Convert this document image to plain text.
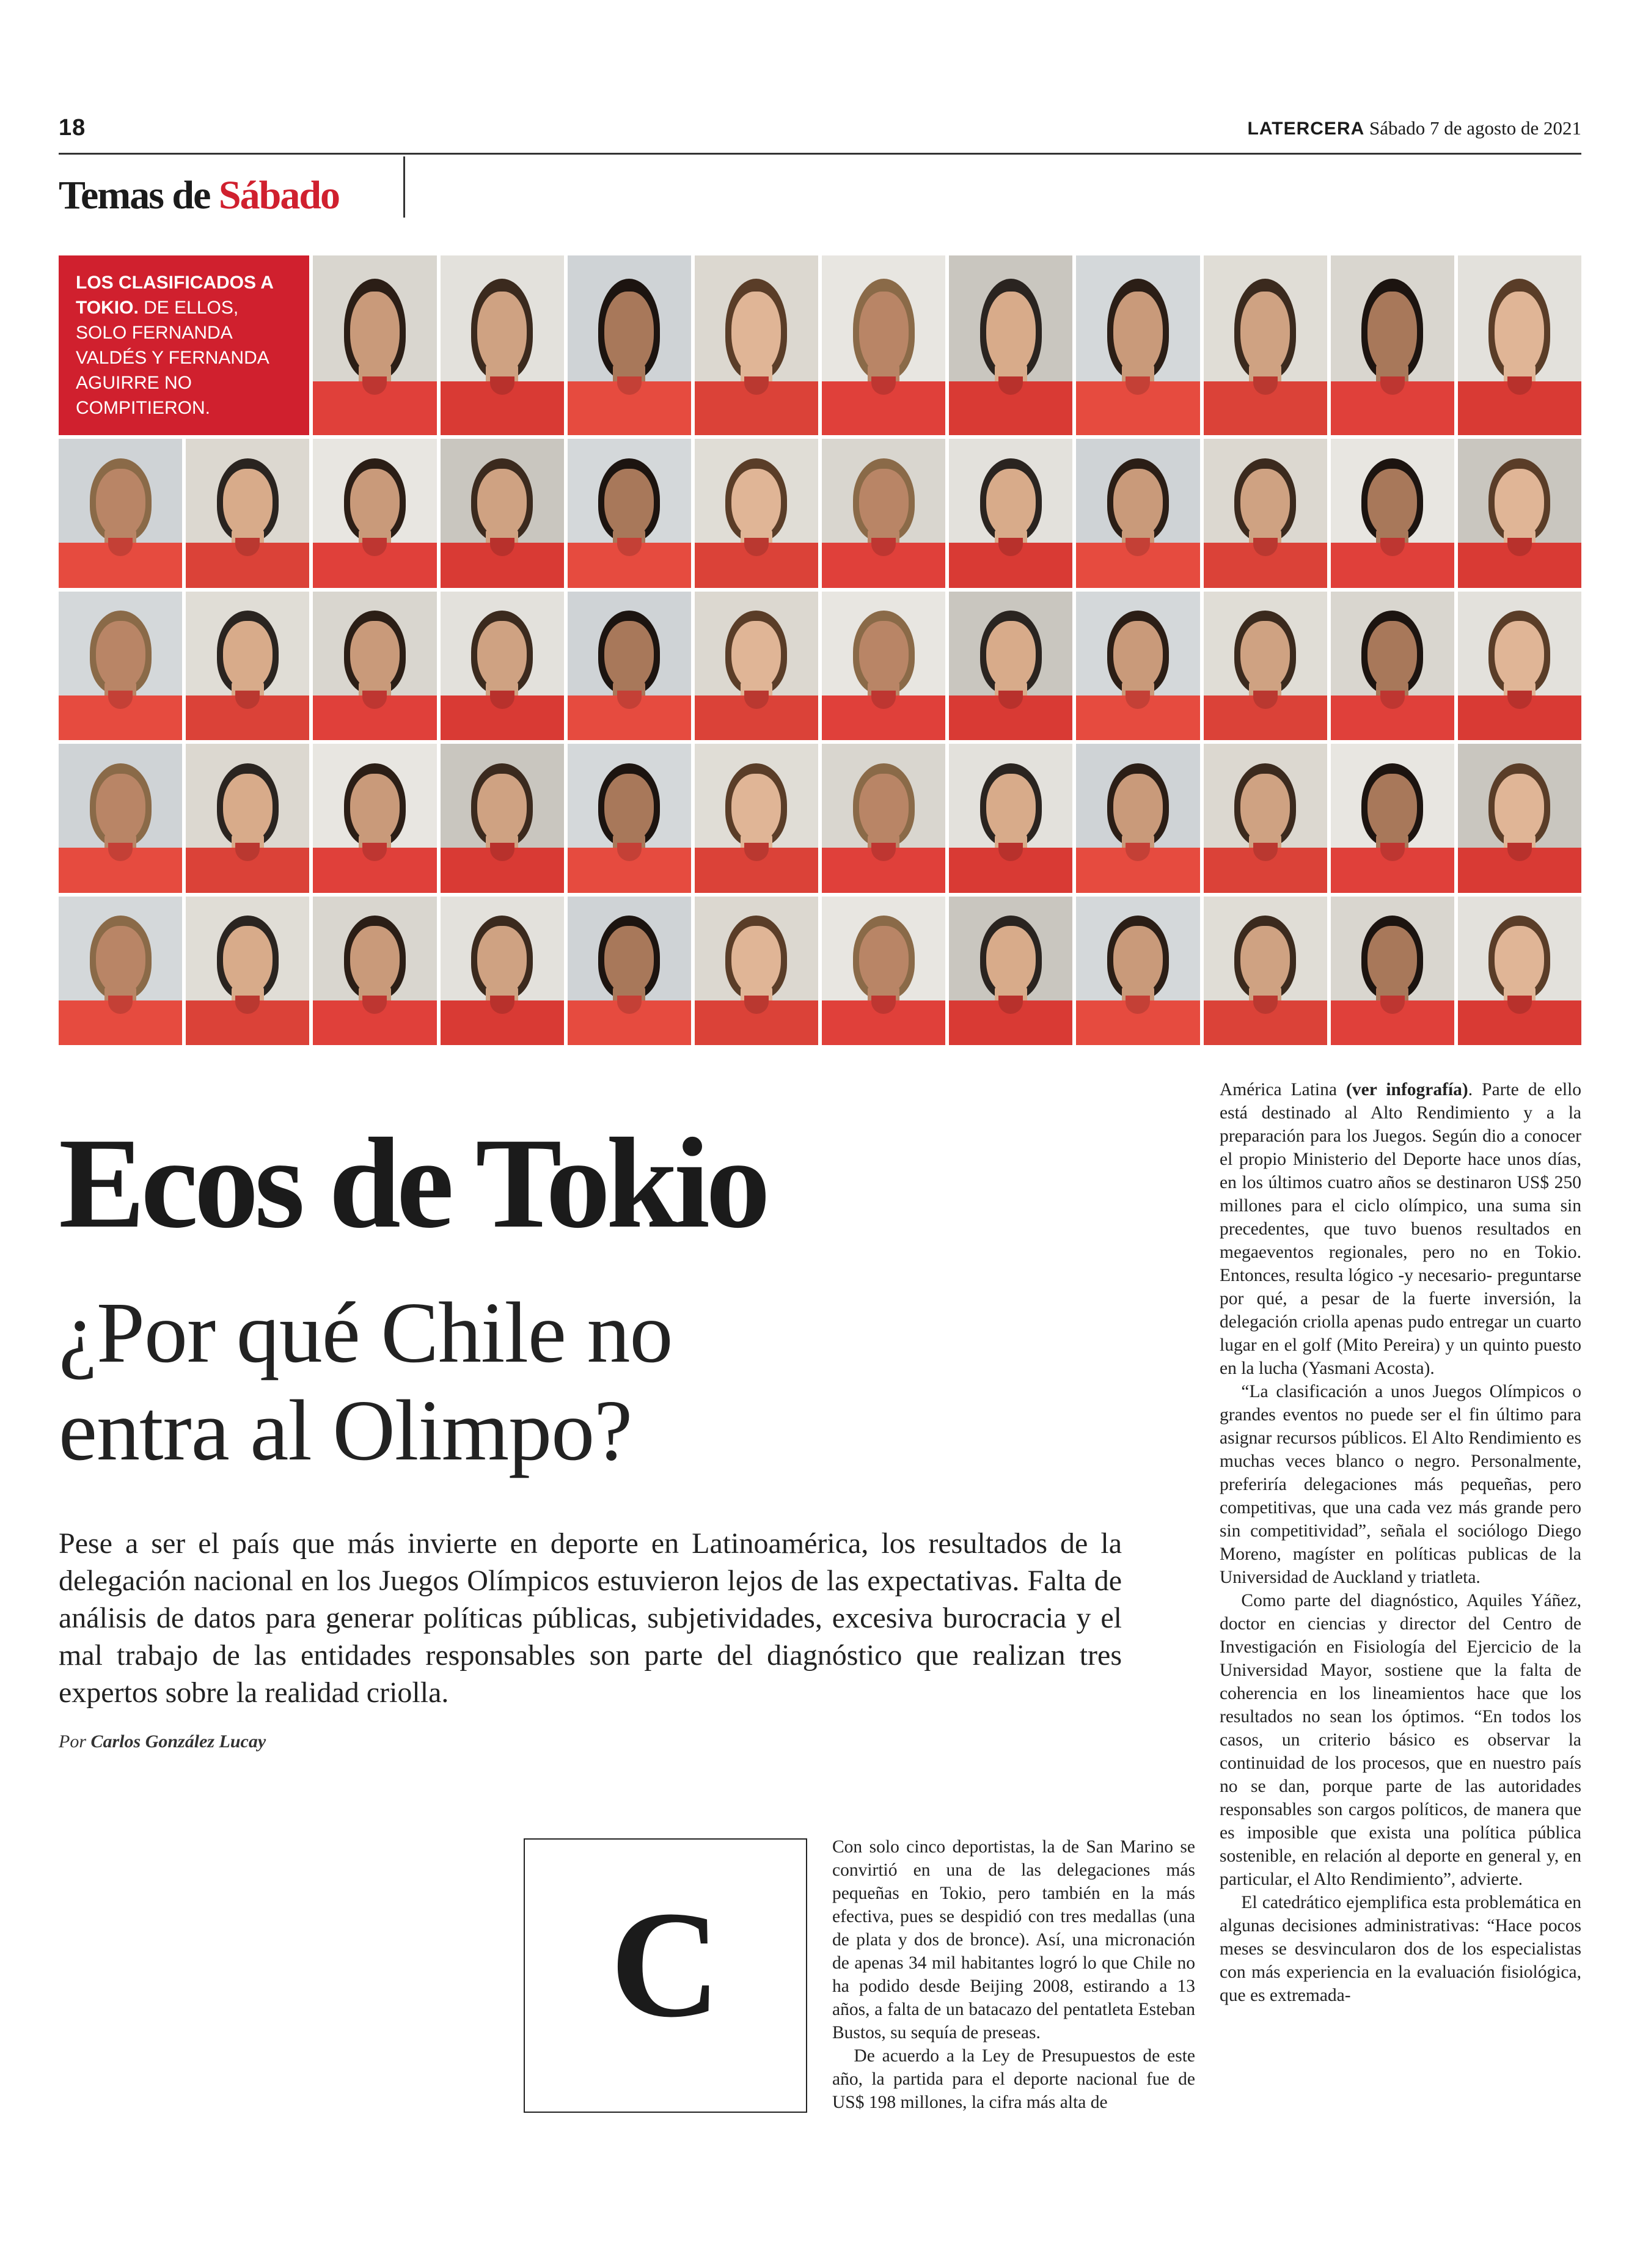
18	LATERCERA Sábado 7 de agosto de 2021
Temas de Sábado
LOS CLASIFICADOS A TOKIO. DE ELLOS, SOLO FERNANDA VALDÉS Y FERNANDA AGUIRRE NO COMPITIERON.
Ecos de Tokio
¿Por qué Chile no
entra al Olimpo?
Pese a ser el país que más invierte en deporte en Latinoamérica, los resultados de la delegación nacional en los Juegos Olímpicos estuvieron lejos de las expectativas. Falta de análisis de datos para generar políticas públicas, subjetividades, excesiva burocracia y el mal trabajo de las entidades responsables son parte del diagnóstico que realizan tres expertos sobre la realidad criolla.
Por Carlos González Lucay
C

Con solo cinco deportistas, la de San Marino se convirtió en una de las delegaciones más pequeñas en Tokio, pero también en la más efectiva, pues se despidió con tres medallas (una de plata y dos de bronce). Así, una micronación de apenas 34 mil habitantes logró lo que Chile no ha podido desde Beijing 2008, estirando a 13 años, a falta de un batacazo del pentatleta Esteban Bustos, su sequía de preseas.

De acuerdo a la Ley de Presupuestos de este año, la partida para el deporte nacional fue de US$ 198 millones, la cifra más alta de

América Latina (ver infografía). Parte de ello está destinado al Alto Rendimiento y a la preparación para los Juegos. Según dio a conocer el propio Ministerio del Deporte hace unos días, en los últimos cuatro años se destinaron US$ 250 millones para el ciclo olímpico, una suma sin precedentes, que tuvo buenos resultados en megaeventos regionales, pero no en Tokio. Entonces, resulta lógico -y necesario- preguntarse por qué, a pesar de la fuerte inversión, la delegación criolla apenas pudo entregar un cuarto lugar en el golf (Mito Pereira) y un quinto puesto en la lucha (Yasmani Acosta).

“La clasificación a unos Juegos Olímpicos o grandes eventos no puede ser el fin último para asignar recursos públicos. El Alto Rendimiento es muchas veces blanco o negro. Personalmente, preferiría delegaciones más pequeñas, pero competitivas, que una cada vez más grande pero sin competitividad”, señala el sociólogo Diego Moreno, magíster en políticas publicas de la Universidad de Auckland y triatleta.

Como parte del diagnóstico, Aquiles Yáñez, doctor en ciencias y director del Centro de Investigación en Fisiología del Ejercicio de la Universidad Mayor, sostiene que la falta de coherencia en los lineamientos hace que los resultados no sean los óptimos. “En todos los casos, un criterio básico es observar la continuidad de los procesos, que en nuestro país no se dan, porque parte de las autoridades responsables son cargos políticos, de manera que es imposible que exista una política pública sostenible, en relación al deporte en general y, en particular, el Alto Rendimiento”, advierte.

El catedrático ejemplifica esta problemática en algunas decisiones administrativas: “Hace pocos meses se desvincularon dos de los especialistas con más experiencia en la evaluación fisiológica, que es extremada-
